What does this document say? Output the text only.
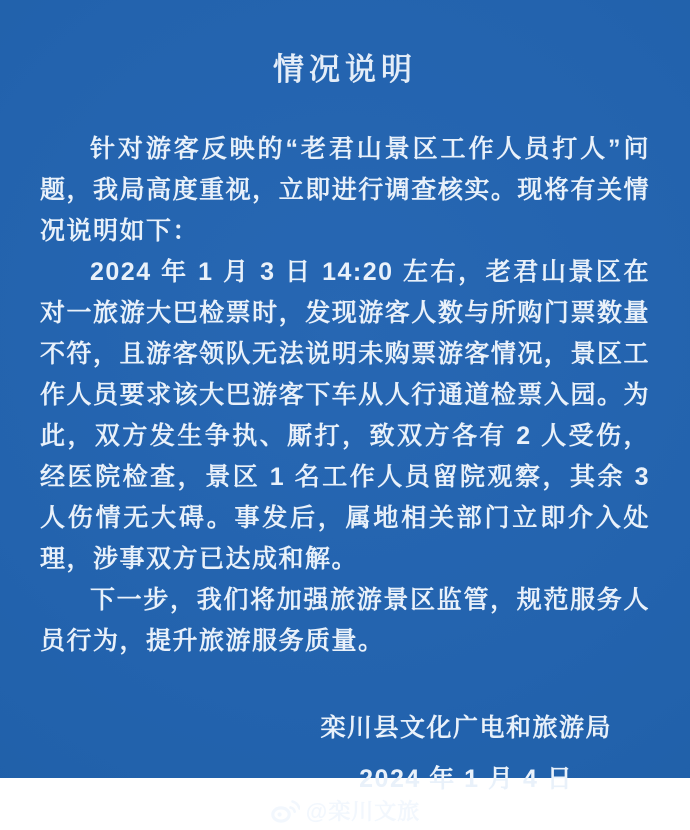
情况说明

针对游客反映的“老君山景区工作人员打人”问题，我局高度重视，立即进行调查核实。现将有关情况说明如下：

2024 年 1 月 3 日 14:20 左右，老君山景区在对一旅游大巴检票时，发现游客人数与所购门票数量不符，且游客领队无法说明未购票游客情况，景区工作人员要求该大巴游客下车从人行通道检票入园。为此，双方发生争执、厮打，致双方各有 2 人受伤，经医院检查，景区 1 名工作人员留院观察，其余 3 人伤情无大碍。事发后，属地相关部门立即介入处理，涉事双方已达成和解。

下一步，我们将加强旅游景区监管，规范服务人员行为，提升旅游服务质量。

栾川县文化广电和旅游局
2024 年 1 月 4 日
@栾川文旅
